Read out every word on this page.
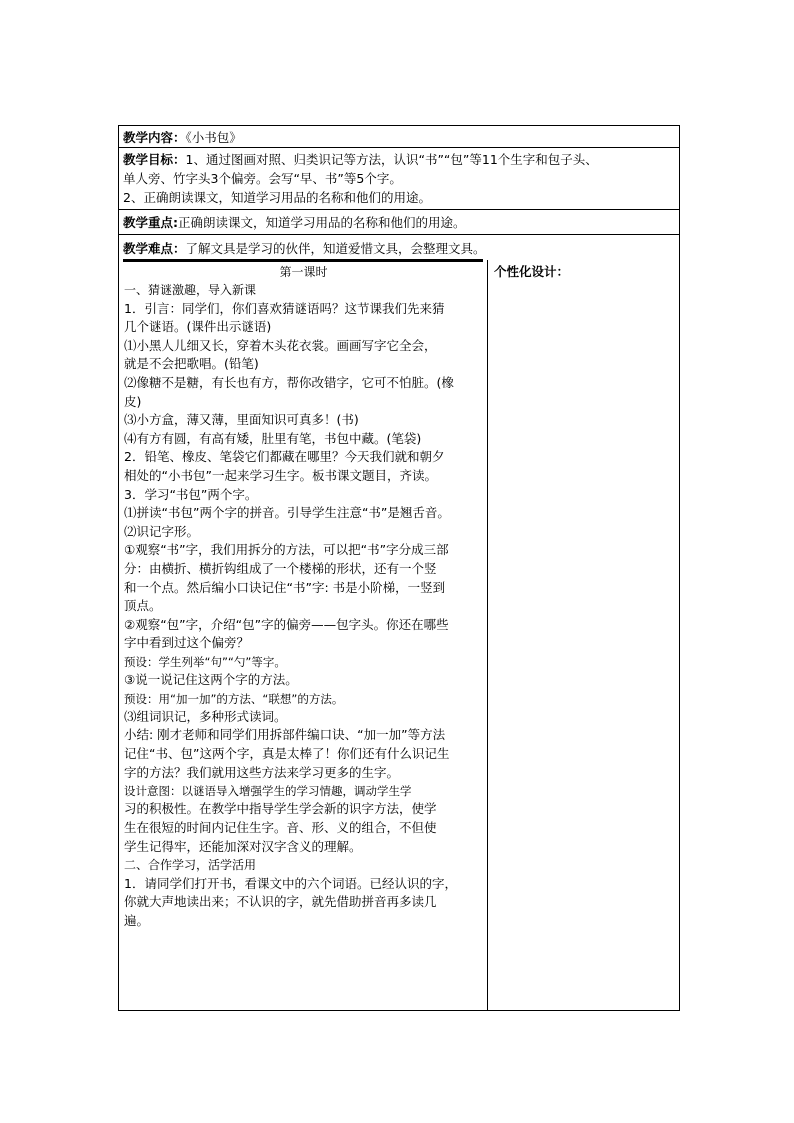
教学内容：《小书包》
教学目标：1、通过图画对照、归类识记等方法，认识“书”“包”等11个生字和包子头、
单人旁、竹字头3个偏旁。会写“早、书”等5个字。
2、正确朗读课文，知道学习用品的名称和他们的用途。
教学重点:正确朗读课文，知道学习用品的名称和他们的用途。
教学难点：了解文具是学习的伙伴，知道爱惜文具，会整理文具。
第一课时
一、猜谜激趣，导入新课
1．引言：同学们，你们喜欢猜谜语吗？这节课我们先来猜
几个谜语。(课件出示谜语)
⑴小黑人儿细又长，穿着木头花衣裳。画画写字它全会，
就是不会把歌唱。(铅笔)
⑵像糖不是糖，有长也有方，帮你改错字，它可不怕脏。(橡
皮)
⑶小方盒，薄又薄，里面知识可真多！(书)
⑷有方有圆，有高有矮，肚里有笔，书包中藏。(笔袋)
2．铅笔、橡皮、笔袋它们都藏在哪里？今天我们就和朝夕
相处的“小书包”一起来学习生字。板书课文题目，齐读。
3．学习“书包”两个字。
⑴拼读“书包”两个字的拼音。引导学生注意“书”是翘舌音。
⑵识记字形。
①观察“书”字，我们用拆分的方法，可以把“书”字分成三部
分：由横折、横折钩组成了一个楼梯的形状，还有一个竖
和一个点。然后编小口诀记住“书”字: 书是小阶梯，一竖到
顶点。
②观察“包”字，介绍“包”字的偏旁——包字头。你还在哪些
字中看到过这个偏旁？
预设：学生列举“句”“勺”等字。
③说一说记住这两个字的方法。
预设：用“加一加”的方法、“联想”的方法。
⑶组词识记，多种形式读词。
小结: 刚才老师和同学们用拆部件编口诀、“加一加”等方法
记住“书、包”这两个字，真是太棒了！你们还有什么识记生
字的方法？我们就用这些方法来学习更多的生字。
设计意图：以谜语导入增强学生的学习情趣，调动学生学
习的积极性。在教学中指导学生学会新的识字方法，使学
生在很短的时间内记住生字。音、形、义的组合，不但使
学生记得牢，还能加深对汉字含义的理解。
二、合作学习，活学活用
1．请同学们打开书，看课文中的六个词语。已经认识的字，
你就大声地读出来；不认识的字，就先借助拼音再多读几
遍。
个性化设计：
